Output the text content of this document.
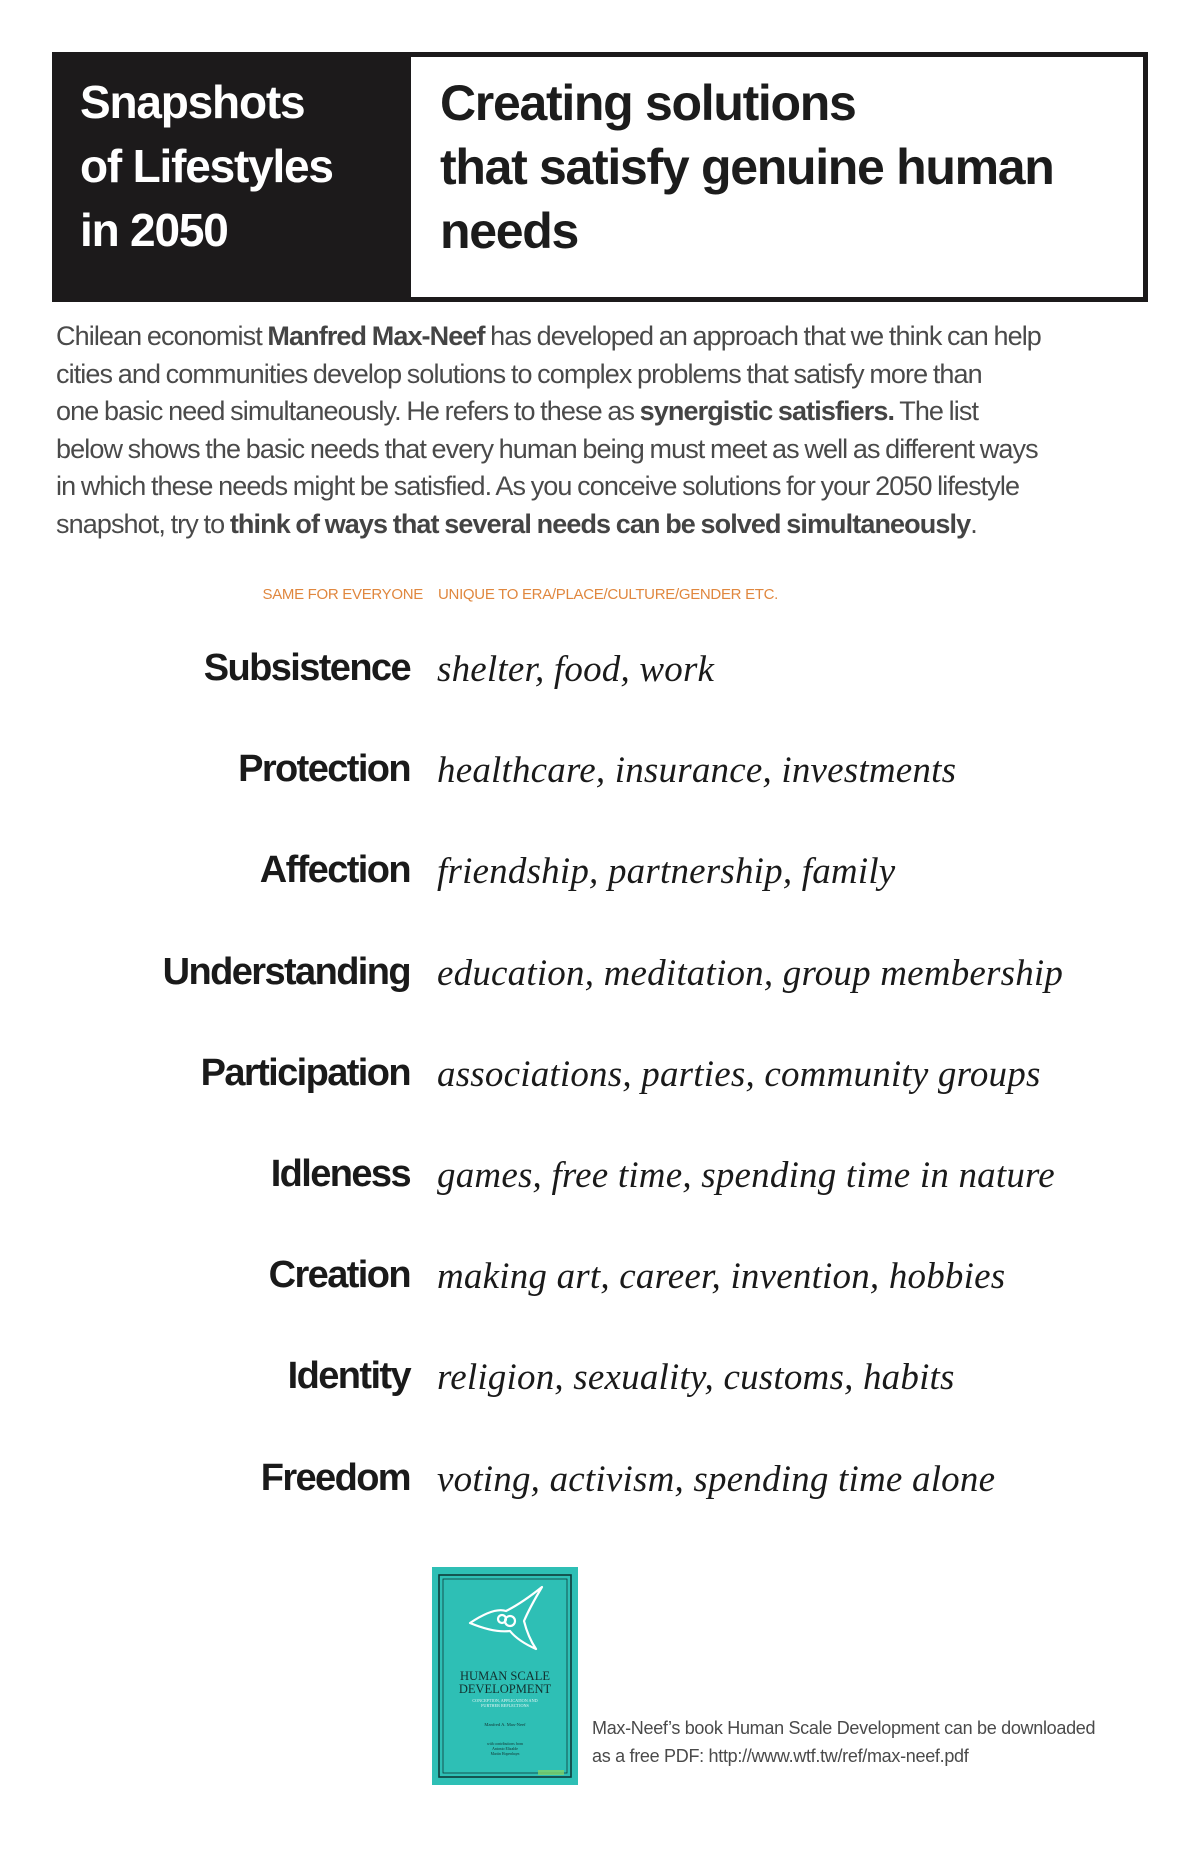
Snapshots
of Lifestyles
in 2050
Creating solutions
that satisfy genuine human
needs
Chilean economist Manfred Max-Neef has developed an approach that we think can help
cities and communities develop solutions to complex problems that satisfy more than
one basic need simultaneously. He refers to these as synergistic satisfiers. The list
below shows the basic needs that every human being must meet as well as different ways
in which these needs might be satisfied. As you conceive solutions for your 2050 lifestyle
snapshot, try to think of ways that several needs can be solved simultaneously.
SAME FOR EVERYONE UNIQUE TO ERA/PLACE/CULTURE/GENDER ETC.
Subsistence shelter, food, work
Protection healthcare, insurance, investments
Affection friendship, partnership, family
Understanding education, meditation, group membership
Participation associations, parties, community groups
Idleness games, free time, spending time in nature
Creation making art, career, invention, hobbies
Identity religion, sexuality, customs, habits
Freedom voting, activism, spending time alone
HUMAN SCALE
DEVELOPMENT
CONCEPTION, APPLICATION AND
FURTHER REFLECTIONS
Manfred A. Max-Neef
with contributions from
Antonio Elizalde
Martin Hopenhayn
Max-Neef’s book Human Scale Development can be downloaded
as a free PDF: http://www.wtf.tw/ref/max-neef.pdf
